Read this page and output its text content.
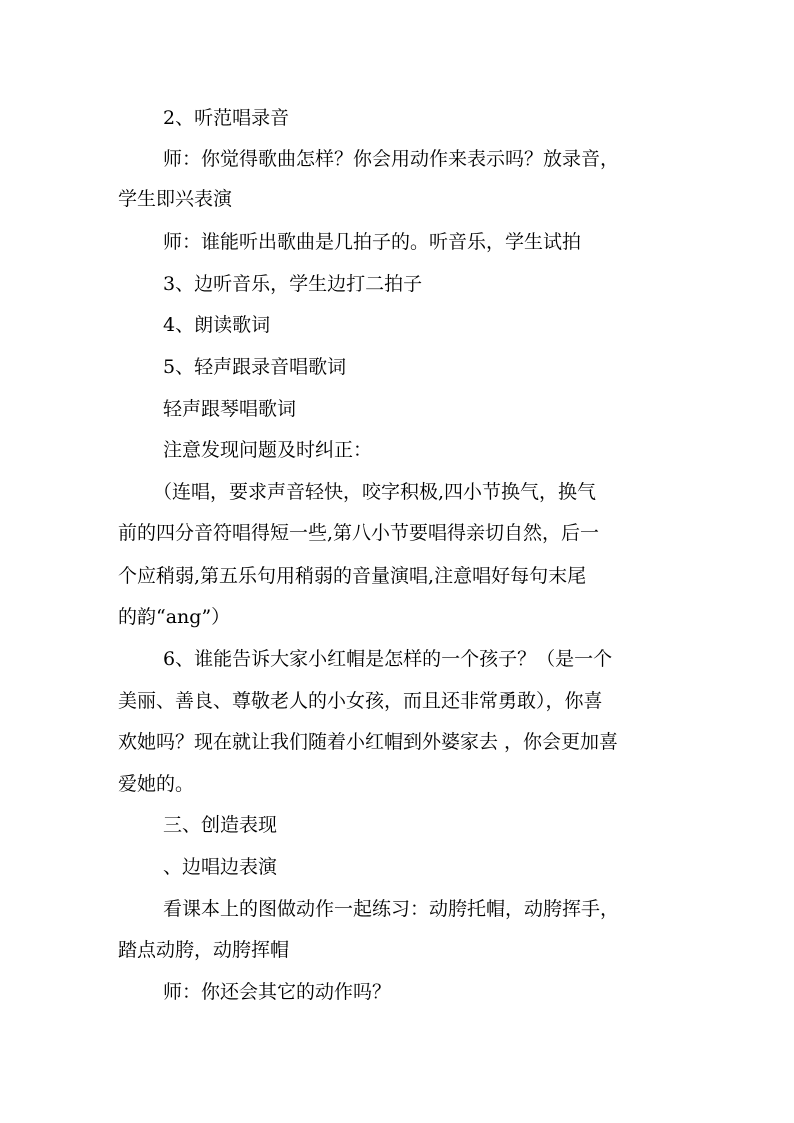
2、听范唱录音
师：你觉得歌曲怎样？你会用动作来表示吗？放录音，
学生即兴表演
师：谁能听出歌曲是几拍子的。听音乐，学生试拍
3、边听音乐，学生边打二拍子
4、朗读歌词
5、轻声跟录音唱歌词
轻声跟琴唱歌词
注意发现问题及时纠正：
（连唱，要求声音轻快，咬字积极,四小节换气，换气
前的四分音符唱得短一些,第八小节要唱得亲切自然，后一
个应稍弱,第五乐句用稍弱的音量演唱,注意唱好每句末尾
的韵“ang”）
6、谁能告诉大家小红帽是怎样的一个孩子？（是一个
美丽、善良、尊敬老人的小女孩，而且还非常勇敢），你喜
欢她吗？现在就让我们随着小红帽到外婆家去 ，你会更加喜
爱她的。
三、创造表现
、边唱边表演
看课本上的图做动作一起练习：动胯托帽，动胯挥手，
踏点动胯，动胯挥帽
师：你还会其它的动作吗？
